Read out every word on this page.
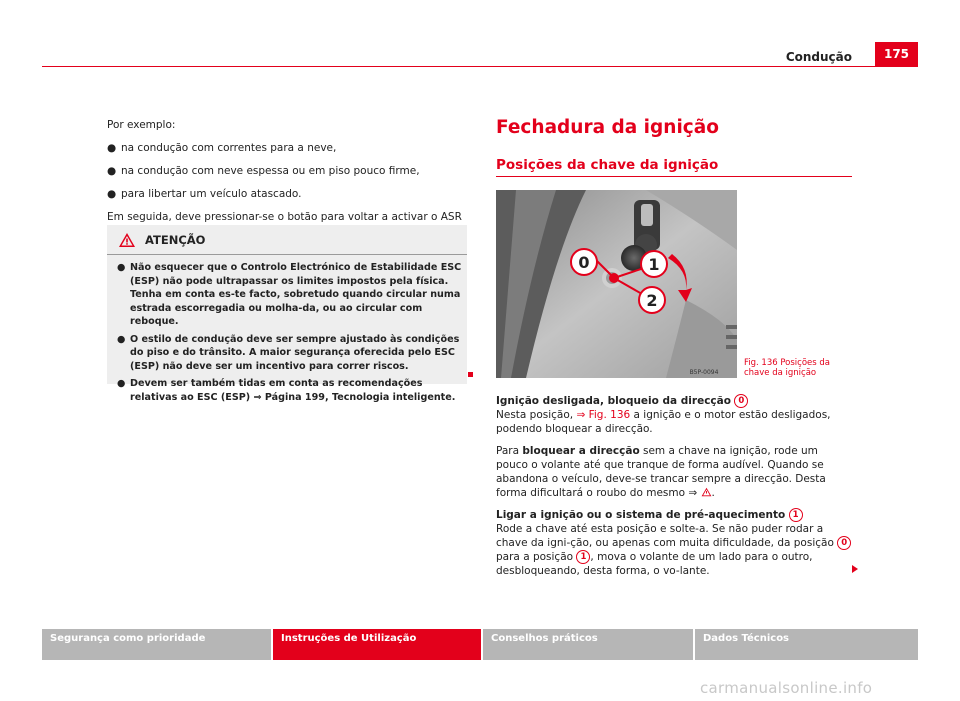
Condução	175

Por exemplo:

● na condução com correntes para a neve,
● na condução com neve espessa ou em piso pouco firme,
● para libertar um veículo atascado.

Em seguida, deve pressionar-se o botão para voltar a activar o ASR

ATENÇÃO
● Não esquecer que o Controlo Electrónico de Estabilidade ESC (ESP) não pode ultrapassar os limites impostos pela física. Tenha em conta es-te facto, sobretudo quando circular numa estrada escorregadia ou molha-da, ou ao circular com reboque.
● O estilo de condução deve ser sempre ajustado às condições do piso e do trânsito. A maior segurança oferecida pelo ESC (ESP) não deve ser um incentivo para correr riscos.
● Devem ser também tidas em conta as recomendações relativas ao ESC (ESP) ⇒ Página 199, Tecnologia inteligente.
Fechadura da ignição
Posições da chave da ignição
0	1
2
B5P-0094
Fig. 136 Posições da
chave da ignição

Ignição desligada, bloqueio da direcção 0
Nesta posição, ⇒ Fig. 136 a ignição e o motor estão desligados, podendo bloquear a direcção.

Para bloquear a direcção sem a chave na ignição, rode um pouco o volante até que tranque de forma audível. Quando se abandona o veículo, deve-se trancar sempre a direcção. Desta forma dificultará o roubo do mesmo ⇒ .

Ligar a ignição ou o sistema de pré-aquecimento 1
Rode a chave até esta posição e solte-a. Se não puder rodar a chave da igni-ção, ou apenas com muita dificuldade, da posição 0 para a posição 1 , mova o volante de um lado para o outro, desbloqueando, desta forma, o vo-lante.

Segurança como prioridade	Instruções de Utilização	Conselhos práticos	Dados Técnicos
carmanualsonline.info
